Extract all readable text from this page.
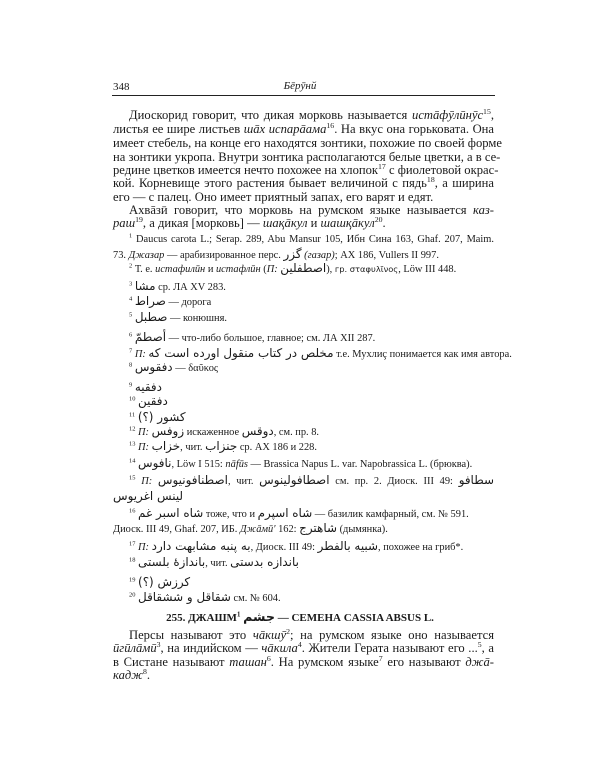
348	Бēрӯнй
Диоскорид говорит, что дикая морковь называется истāфӯлӣнӯс$^{15}$,
листья ее шире листьев шāх испарāама$^{16}$. На вкус она горьковата. Она
имеет стебель, на конце его находятся зонтики, похожие по своей форме
на зонтики укропа. Внутри зонтика располагаются белые цветки, а в се-
редине цветков имеется нечто похожее на хлопок$^{17}$ с фиолетовой окрас-
кой. Корневище этого растения бывает величиной с пядь$^{18}$, а ширина
его — с палец. Оно имеет приятный запах, его варят и едят.
Ахвāзӣ говорит, что морковь на румском языке называется каз-
раш$^{19}$, а дикая [морковь] — шақāкул и шашқāкул$^{20}$.
$^1$ Daucus carota L.; Serap. 289, Abu Mansur 105, Ибн Сина 163, Ghaf. 207, Maim.
73. Джазар — арабизированное перс. گزر (газар); АХ 186, Vullers II 997.
$^2$ Т. е. истафилӣн и истафлӣн (П: اصطفلين), гр. σταφυλῖνος, Löw III 448.
$^3$ مشا ср. ЛА XV 283.
$^4$ صراط — дорога
$^5$ صطبل — конюшня.
$^6$ أصطمّ — что-либо большое, главное; см. ЛА XII 287.
$^7$ П: مخلص در کتاب منقول اورده است که т.е. Мухлиç понимается как имя автора.
$^8$ دفقوس — δαῦκος
$^9$ دفقيه
$^{10}$ دفقين
$^{11}$ كشور (؟)
$^{12}$ П: زوفس искаженное دوقس, см. пр. 8.
$^{13}$ П: خزاب, чит. جنزاب ср. АХ 186 и 228.
$^{14}$ نافوس, Löw I 515: nāfūs — Brassica Napus L. var. Napobrassica L. (брюква).
$^{15}$ П: اصطنافونيوس, чит. اصطافولينوس см. пр. 2. Диоск. III 49: سطافو
لينس اغريوس
$^{16}$ شاه اسبر غم тоже, что и شاه اسپرم — базилик камфарный, см. № 591.
Диоск. III 49, Ghaf. 207, ИБ. Джāмӣ' 162: شاهترج (дымянка).
$^{17}$ П: به پنبه مشابهت دارد, Диоск. III 49: شبيه بالفطر, похожее на гриб*.
$^{18}$ باندازهٔ بلستی, чит. باندازه بدستی
$^{19}$ كرزش (؟)
$^{20}$ شقاقل و ششقاقل см. № 604.
255. ДЖАШМ$^1$ جشم — СЕМЕНА CASSIA ABSUS L.
Персы называют это чāкшӯ$^2$; на румском языке оно называется
ӣгӣлāмӣ$^3$, на индийском — чāкила$^4$. Жители Герата называют его ...$^5$, а
в Систане называют ташан$^6$. На румском языке$^7$ его называют джā-
кадж$^8$.
